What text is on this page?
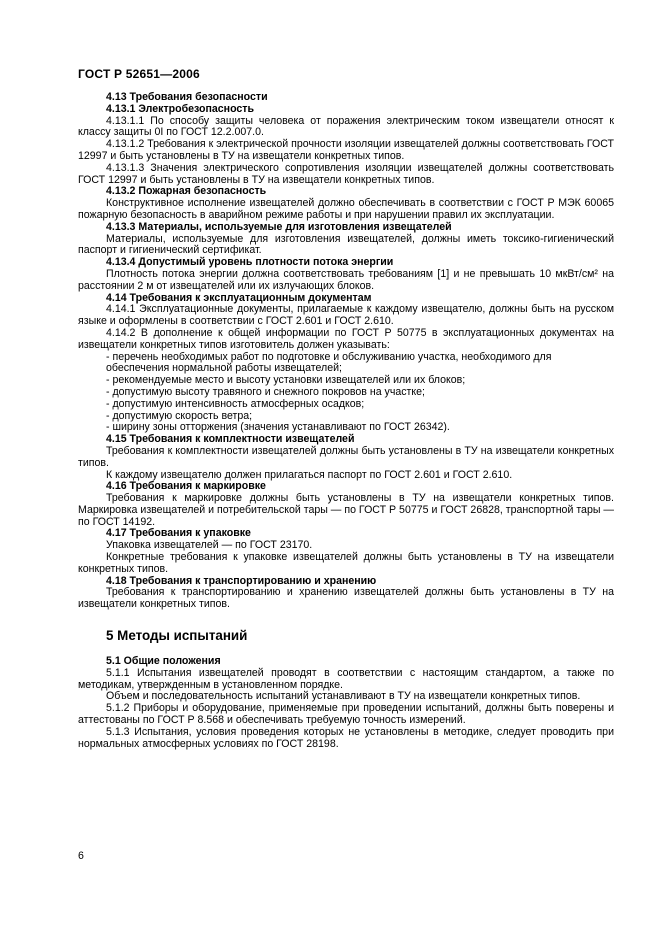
ГОСТ Р 52651—2006
4.13 Требования безопасности
4.13.1 Электробезопасность
4.13.1.1 По способу защиты человека от поражения электрическим током извещатели относят к классу защиты 0I по ГОСТ 12.2.007.0.
4.13.1.2 Требования к электрической прочности изоляции извещателей должны соответствовать ГОСТ 12997 и быть установлены в ТУ на извещатели конкретных типов.
4.13.1.3 Значения электрического сопротивления изоляции извещателей должны соответствовать ГОСТ 12997 и быть установлены в ТУ на извещатели конкретных типов.
4.13.2 Пожарная безопасность
Конструктивное исполнение извещателей должно обеспечивать в соответствии с ГОСТ Р МЭК 60065 пожарную безопасность в аварийном режиме работы и при нарушении правил их эксплуатации.
4.13.3 Материалы, используемые для изготовления извещателей
Материалы, используемые для изготовления извещателей, должны иметь токсико-гигиенический паспорт и гигиенический сертификат.
4.13.4 Допустимый уровень плотности потока энергии
Плотность потока энергии должна соответствовать требованиям [1] и не превышать 10 мкВт/см² на расстоянии 2 м от извещателей или их излучающих блоков.
4.14 Требования к эксплуатационным документам
4.14.1 Эксплуатационные документы, прилагаемые к каждому извещателю, должны быть на русском языке и оформлены в соответствии с ГОСТ 2.601 и ГОСТ 2.610.
4.14.2 В дополнение к общей информации по ГОСТ Р 50775 в эксплуатационных документах на извещатели конкретных типов изготовитель должен указывать:
- перечень необходимых работ по подготовке и обслуживанию участка, необходимого для обеспечения нормальной работы извещателей;
- рекомендуемые место и высоту установки извещателей или их блоков;
- допустимую высоту травяного и снежного покровов на участке;
- допустимую интенсивность атмосферных осадков;
- допустимую скорость ветра;
- ширину зоны отторжения (значения устанавливают по ГОСТ 26342).
4.15 Требования к комплектности извещателей
Требования к комплектности извещателей должны быть установлены в ТУ на извещатели конкретных типов.
К каждому извещателю должен прилагаться паспорт по ГОСТ 2.601 и ГОСТ 2.610.
4.16 Требования к маркировке
Требования к маркировке должны быть установлены в ТУ на извещатели конкретных типов. Маркировка извещателей и потребительской тары — по ГОСТ Р 50775 и ГОСТ 26828, транспортной тары — по ГОСТ 14192.
4.17 Требования к упаковке
Упаковка извещателей — по ГОСТ 23170.
Конкретные требования к упаковке извещателей должны быть установлены в ТУ на извещатели конкретных типов.
4.18 Требования к транспортированию и хранению
Требования к транспортированию и хранению извещателей должны быть установлены в ТУ на извещатели конкретных типов.
5 Методы испытаний
5.1 Общие положения
5.1.1 Испытания извещателей проводят в соответствии с настоящим стандартом, а также по методикам, утвержденным в установленном порядке.
Объем и последовательность испытаний устанавливают в ТУ на извещатели конкретных типов.
5.1.2 Приборы и оборудование, применяемые при проведении испытаний, должны быть поверены и аттестованы по ГОСТ Р 8.568 и обеспечивать требуемую точность измерений.
5.1.3 Испытания, условия проведения которых не установлены в методике, следует проводить при нормальных атмосферных условиях по ГОСТ 28198.
6
